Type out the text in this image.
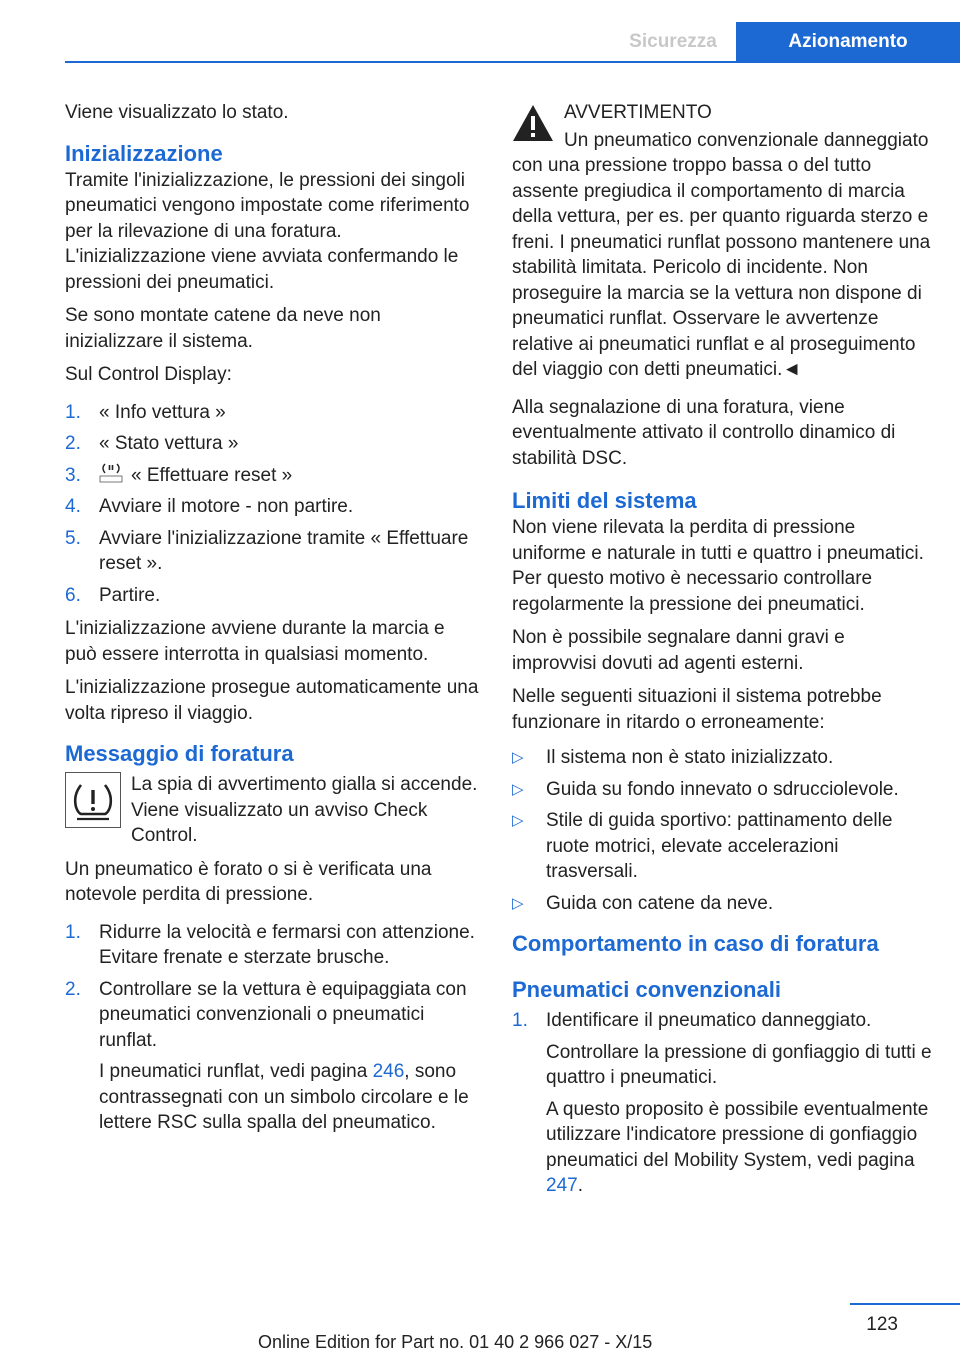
Sicurezza	Azionamento

Viene visualizzato lo stato.

Inizializzazione

Tramite l'inizializzazione, le pressioni dei singoli pneumatici vengono impostate come riferimento per la rilevazione di una foratura. L'inizializzazione viene avviata confermando le pressioni dei pneumatici.

Se sono montate catene da neve non inizializzare il sistema.

Sul Control Display:

1. « Info vettura »
2. « Stato vettura »
3.	« Effettuare reset »
4. Avviare il motore - non partire.
5. Avviare l'inizializzazione tramite « Effettuare reset ».
6. Partire.

L'inizializzazione avviene durante la marcia e può essere interrotta in qualsiasi momento.

L'inizializzazione prosegue automaticamente una volta ripreso il viaggio.

Messaggio di foratura

La spia di avvertimento gialla si accende. Viene visualizzato un avviso Check Control.

Un pneumatico è forato o si è verificata una notevole perdita di pressione.

1. Ridurre la velocità e fermarsi con attenzione. Evitare frenate e sterzate brusche.
2. Controllare se la vettura è equipaggiata con pneumatici convenzionali o pneumatici runflat.
I pneumatici runflat, vedi pagina 246, sono contrassegnati con un simbolo circolare e le lettere RSC sulla spalla del pneumatico.

AVVERTIMENTO

Un pneumatico convenzionale danneggiato con una pressione troppo bassa o del tutto assente pregiudica il comportamento di marcia della vettura, per es. per quanto riguarda sterzo e freni. I pneumatici runflat possono mantenere una stabilità limitata. Pericolo di incidente. Non proseguire la marcia se la vettura non dispone di pneumatici runflat. Osservare le avvertenze relative ai pneumatici runflat e al proseguimento del viaggio con detti pneumatici.◄

Alla segnalazione di una foratura, viene eventualmente attivato il controllo dinamico di stabilità DSC.

Limiti del sistema

Non viene rilevata la perdita di pressione uniforme e naturale in tutti e quattro i pneumatici. Per questo motivo è necessario controllare regolarmente la pressione dei pneumatici.

Non è possibile segnalare danni gravi e improvvisi dovuti ad agenti esterni.

Nelle seguenti situazioni il sistema potrebbe funzionare in ritardo o erroneamente:

▷ Il sistema non è stato inizializzato.
▷ Guida su fondo innevato o sdrucciolevole.
▷ Stile di guida sportivo: pattinamento delle ruote motrici, elevate accelerazioni trasversali.
▷ Guida con catene da neve.
Comportamento in caso di foratura
Pneumatici convenzionali
1. Identificare il pneumatico danneggiato.
Controllare la pressione di gonfiaggio di tutti e quattro i pneumatici.
A questo proposito è possibile eventualmente utilizzare l'indicatore pressione di gonfiaggio pneumatici del Mobility System, vedi pagina 247.
123
Online Edition for Part no. 01 40 2 966 027 - X/15
